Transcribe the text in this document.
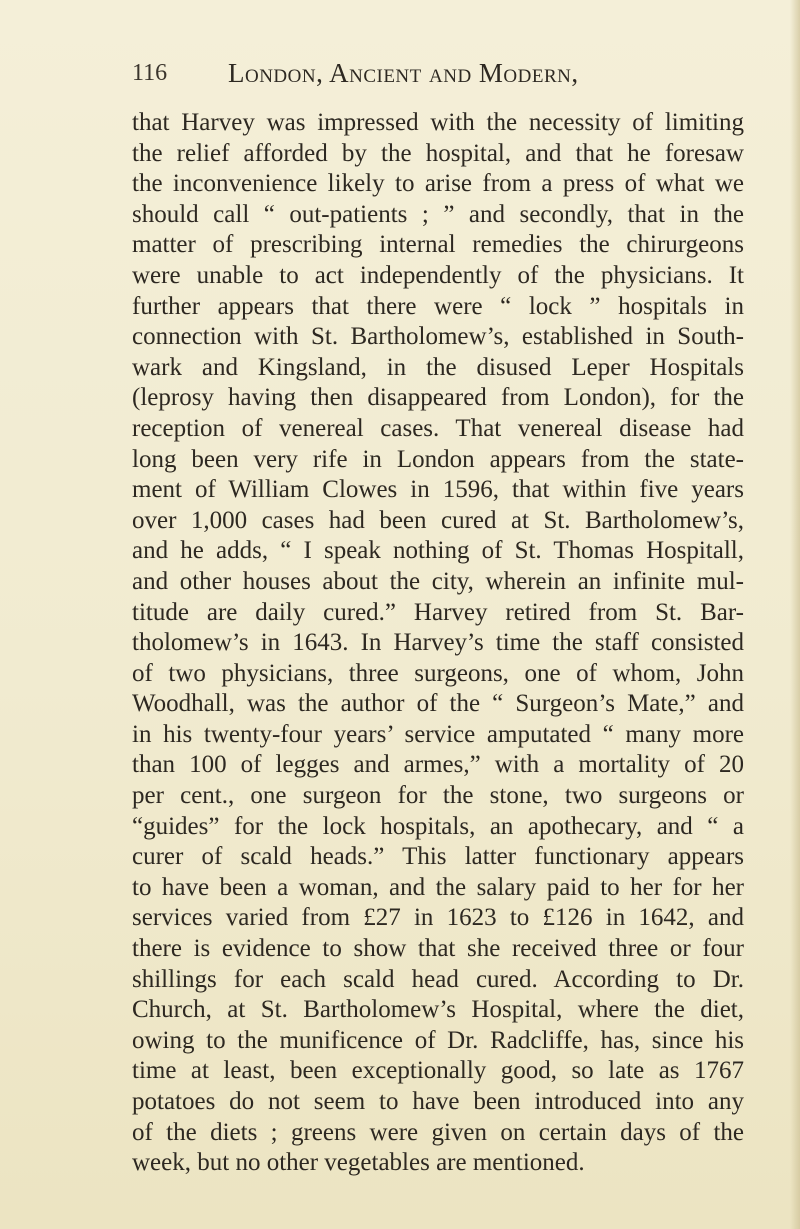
116 London, Ancient and Modern,
that Harvey was impressed with the necessity of limiting
the relief afforded by the hospital, and that he foresaw
the inconvenience likely to arise from a press of what we
should call “ out-patients ; ” and secondly, that in the
matter of prescribing internal remedies the chirurgeons
were unable to act independently of the physicians. It
further appears that there were “ lock ” hospitals in
connection with St. Bartholomew’s, established in South-
wark and Kingsland, in the disused Leper Hospitals
(leprosy having then disappeared from London), for the
reception of venereal cases. That venereal disease had
long been very rife in London appears from the state-
ment of William Clowes in 1596, that within five years
over 1,000 cases had been cured at St. Bartholomew’s,
and he adds, “ I speak nothing of St. Thomas Hospitall,
and other houses about the city, wherein an infinite mul-
titude are daily cured.” Harvey retired from St. Bar-
tholomew’s in 1643. In Harvey’s time the staff consisted
of two physicians, three surgeons, one of whom, John
Woodhall, was the author of the “ Surgeon’s Mate,” and
in his twenty-four years’ service amputated “ many more
than 100 of legges and armes,” with a mortality of 20
per cent., one surgeon for the stone, two surgeons or
“guides” for the lock hospitals, an apothecary, and “ a
curer of scald heads.” This latter functionary appears
to have been a woman, and the salary paid to her for her
services varied from £27 in 1623 to £126 in 1642, and
there is evidence to show that she received three or four
shillings for each scald head cured. According to Dr.
Church, at St. Bartholomew’s Hospital, where the diet,
owing to the munificence of Dr. Radcliffe, has, since his
time at least, been exceptionally good, so late as 1767
potatoes do not seem to have been introduced into any
of the diets ; greens were given on certain days of the
week, but no other vegetables are mentioned.
